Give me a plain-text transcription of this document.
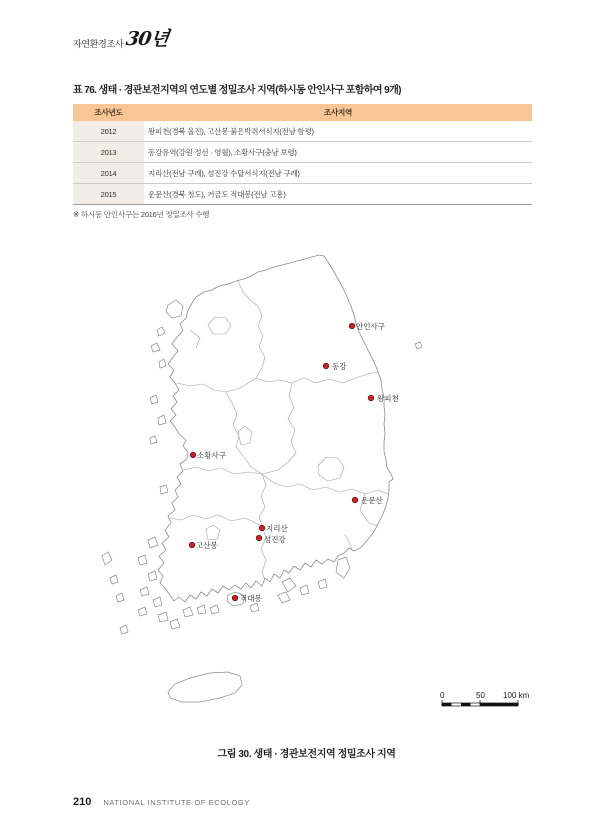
자연환경조사 30년
표 76. 생태 · 경관보전지역의 연도별 정밀조사 지역(하시동 안인사구 포함하여 9개)
조사년도	조사지역
2012	왕피천(경북 울진), 고산봉 붉은박쥐서식지(전남 함평)
2013	동강유역(강원 정선 · 영월), 소황사구(충남 보령)
2014	지리산(전남 구례), 섬진강 수달서식지(전남 구례)
2015	운문산(경북 청도), 거금도 적대봉(전남 고흥)
※ 하시동 안인사구는 2016년 정밀조사 수행
안인사구
동강
왕피천
소황사구
운문산
지리산
섬진강
고산봉
적대봉
0	50 100 km
그림 30. 생태 · 경관보전지역 정밀조사 지역
210 NATIONAL INSTITUTE OF ECOLOGY
